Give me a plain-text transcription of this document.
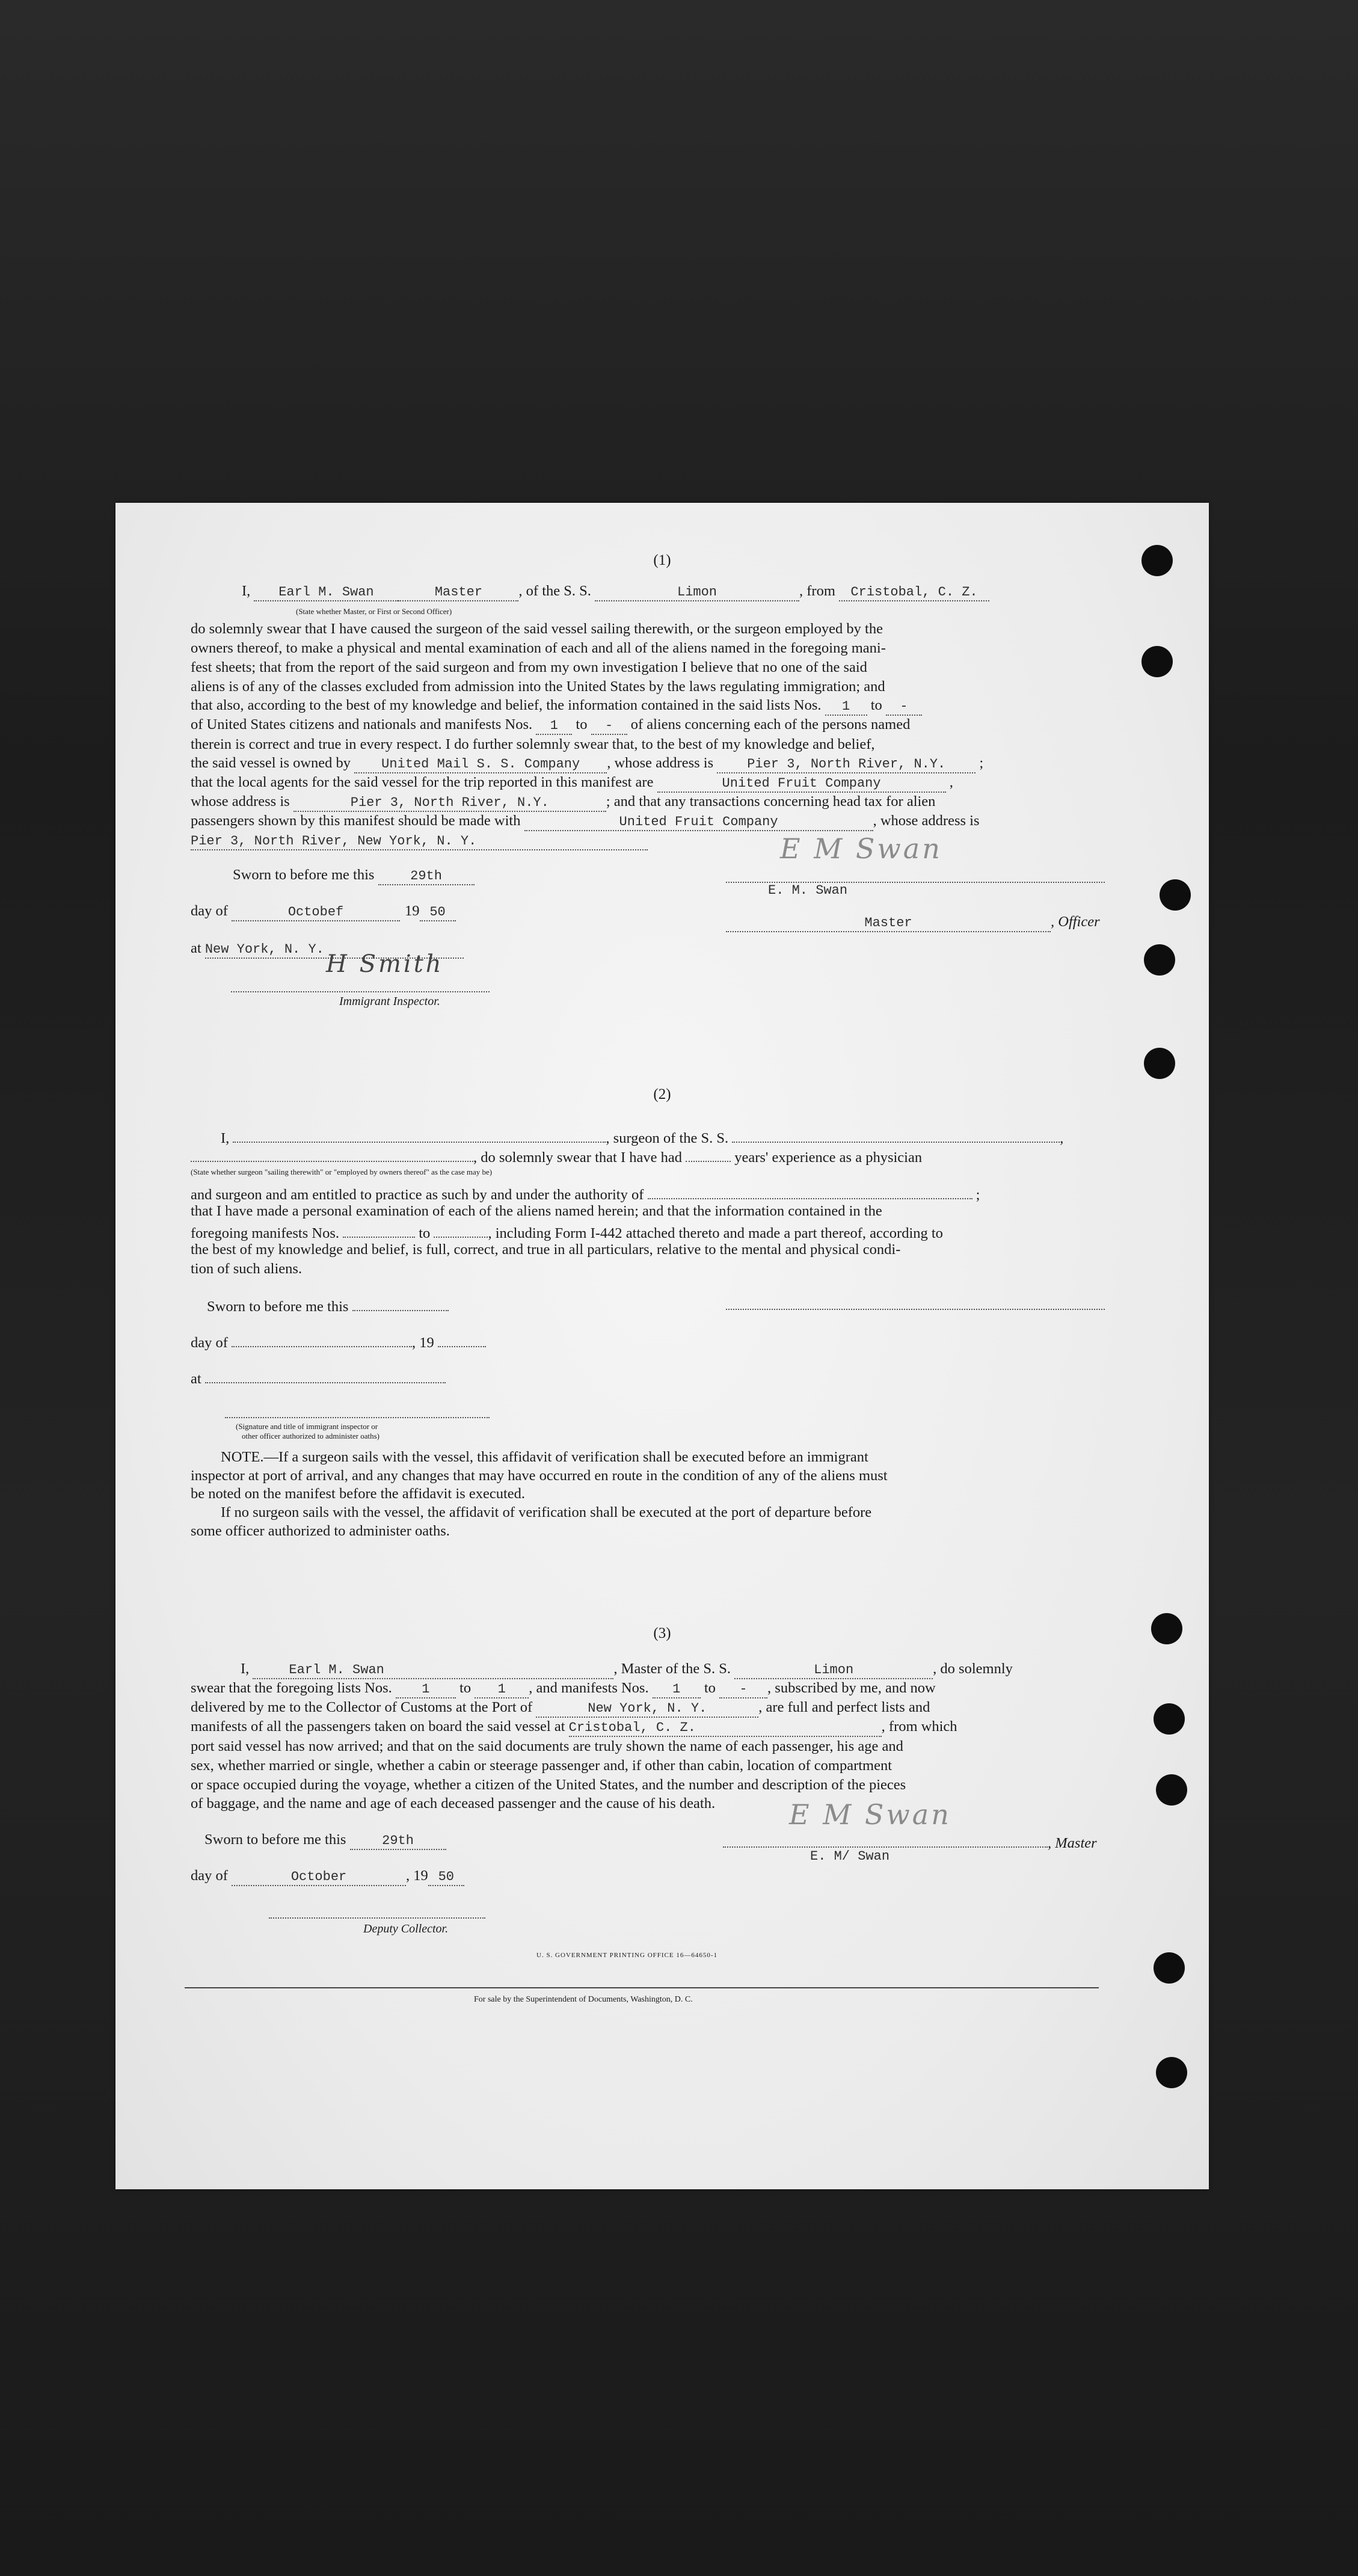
(1)
I, Earl M. Swan	Master , of the S. S.	Limon	, from Cristobal, C. Z.
(State whether Master, or First or Second Officer)
do solemnly swear that I have caused the surgeon of the said vessel sailing therewith, or the surgeon employed by the
owners thereof, to make a physical and mental examination of each and all of the aliens named in the foregoing mani-
fest sheets; that from the report of the said surgeon and from my own investigation I believe that no one of the said
aliens is of any of the classes excluded from admission into the United States by the laws regulating immigration; and
that also, according to the best of my knowledge and belief, the information contained in the said lists Nos. 1 to -
of United States citizens and nationals and manifests Nos. 1 to - of aliens concerning each of the persons named
therein is correct and true in every respect. I do further solemnly swear that, to the best of my knowledge and belief,
the said vessel is owned by United Mail S. S. Company , whose address is	Pier 3, North River, N.Y. ;
that the local agents for the said vessel for the trip reported in this manifest are	United Fruit Company	,
whose address is	Pier 3, North River, N.Y.	; and that any transactions concerning head tax for alien
passengers shown by this manifest should be made with	United Fruit Company	, whose address is
Pier 3, North River, New York, N. Y.
Sworn to before me this	29th
day of	Octobef	19 50
at New York, N. Y.
H Smith
Immigrant Inspector.
E M Swan
E. M. Swan
Master	, Officer
(2)
I,	, surgeon of the S. S.	,
, do solemnly swear that I have had	years' experience as a physician
(State whether surgeon "sailing therewith" or "employed by owners thereof" as the case may be)
and surgeon and am entitled to practice as such by and under the authority of	;
that I have made a personal examination of each of the aliens named herein; and that the information contained in the
foregoing manifests Nos.	to	, including Form I-442 attached thereto and made a part thereof, according to
the best of my knowledge and belief, is full, correct, and true in all particulars, relative to the mental and physical condi-
tion of such aliens.
Sworn to before me this
day of	, 19
at
(Signature and title of immigrant inspector or
other officer authorized to administer oaths)
NOTE.—If a surgeon sails with the vessel, this affidavit of verification shall be executed before an immigrant
inspector at port of arrival, and any changes that may have occurred en route in the condition of any of the aliens must
be noted on the manifest before the affidavit is executed.
If no surgeon sails with the vessel, the affidavit of verification shall be executed at the port of departure before
some officer authorized to administer oaths.
(3)
I,	Earl M. Swan	, Master of the S. S.	Limon	, do solemnly
swear that the foregoing lists Nos. 1 to 1 , and manifests Nos. 1 to - , subscribed by me, and now
delivered by me to the Collector of Customs at the Port of	New York, N. Y.	, are full and perfect lists and
manifests of all the passengers taken on board the said vessel at Cristobal, C. Z.	, from which
port said vessel has now arrived; and that on the said documents are truly shown the name of each passenger, his age and
sex, whether married or single, whether a cabin or steerage passenger and, if other than cabin, location of compartment
or space occupied during the voyage, whether a citizen of the United States, and the number and description of the pieces
of baggage, and the name and age of each deceased passenger and the cause of his death.
Sworn to before me this	29th
day of	October	, 19 50
Deputy Collector.
E M Swan
, Master
E. M/ Swan
U. S. GOVERNMENT PRINTING OFFICE 16—64650-1
For sale by the Superintendent of Documents, Washington, D. C.
